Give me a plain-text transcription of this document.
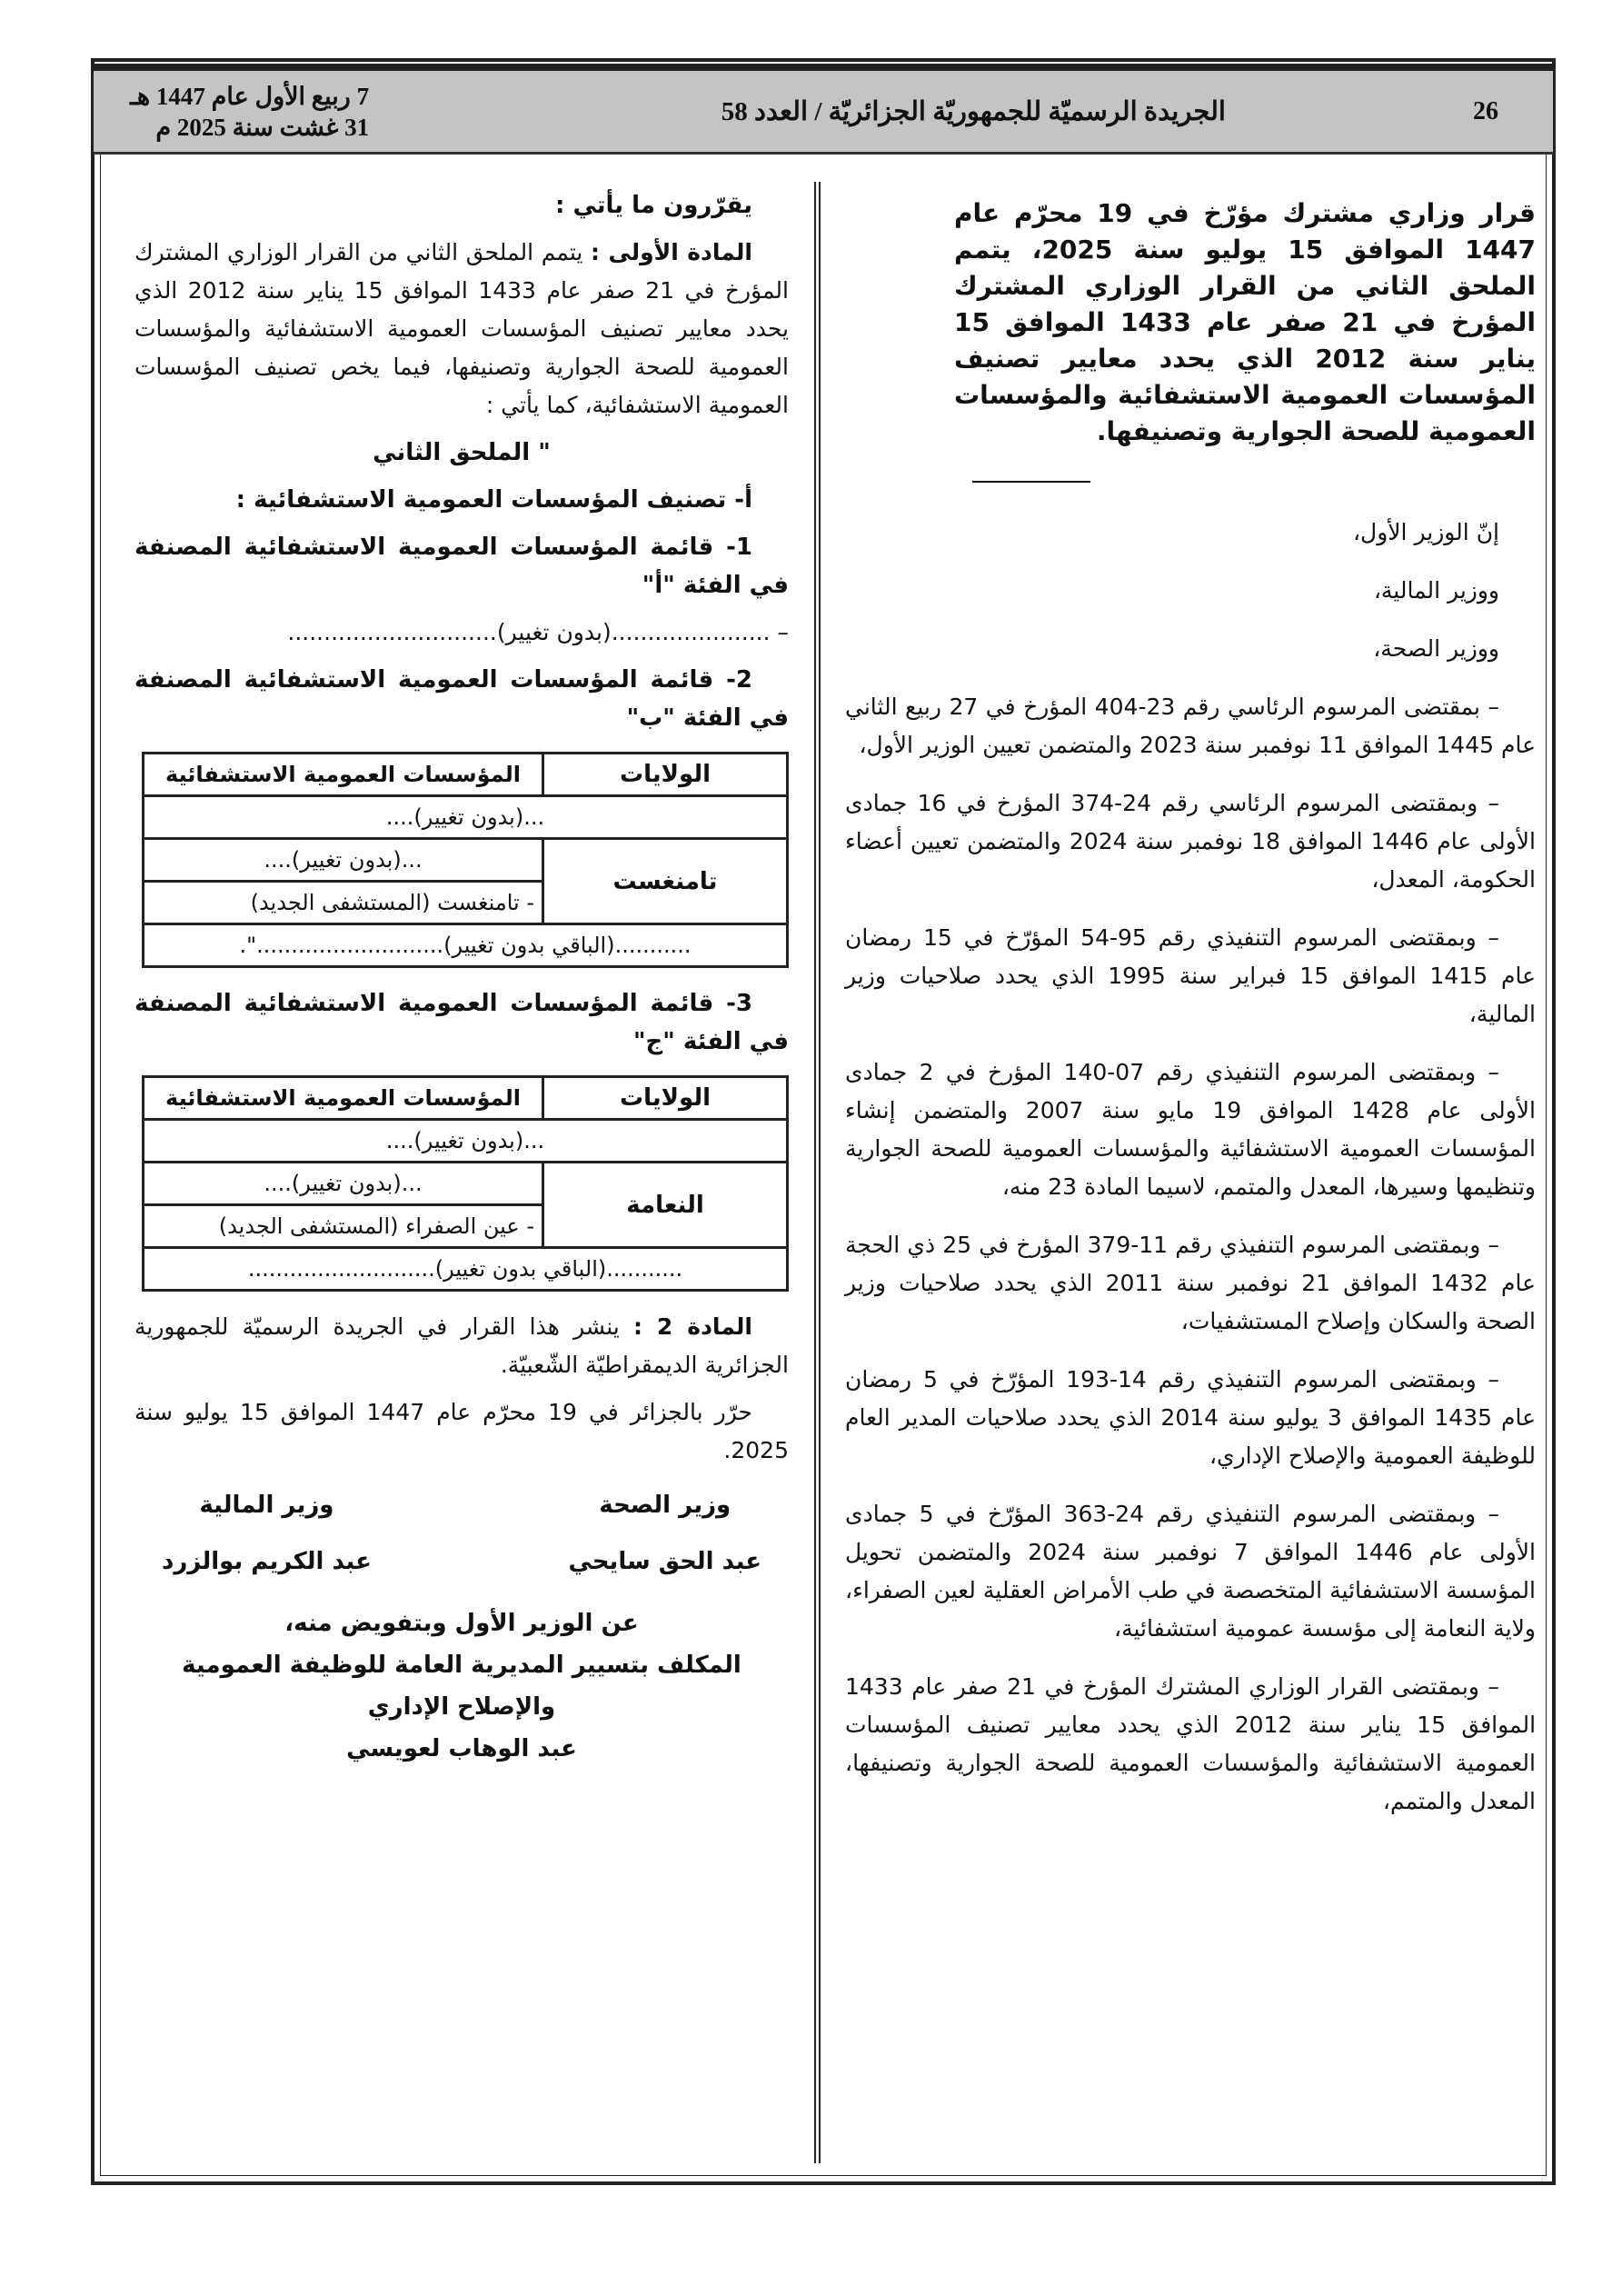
26
الجريدة الرسميّة للجمهوريّة الجزائريّة / العدد 58
7 ربيع الأول عام 1447 هـ
31 غشت سنة 2025 م
قرار وزاري مشترك مؤرّخ في 19 محرّم عام 1447 الموافق 15 يوليو سنة 2025، يتمم الملحق الثاني من القرار الوزاري المشترك المؤرخ في 21 صفر عام 1433 الموافق 15 يناير سنة 2012 الذي يحدد معايير تصنيف المؤسسات العمومية الاستشفائية والمؤسسات العمومية للصحة الجوارية وتصنيفها.

إنّ الوزير الأول،

ووزير المالية،

ووزير الصحة،

– بمقتضى المرسوم الرئاسي رقم 23-404 المؤرخ في 27 ربيع الثاني عام 1445 الموافق 11 نوفمبر سنة 2023 والمتضمن تعيين الوزير الأول،

– وبمقتضى المرسوم الرئاسي رقم 24-374 المؤرخ في 16 جمادى الأولى عام 1446 الموافق 18 نوفمبر سنة 2024 والمتضمن تعيين أعضاء الحكومة، المعدل،

– وبمقتضى المرسوم التنفيذي رقم 95-54 المؤرّخ في 15 رمضان عام 1415 الموافق 15 فبراير سنة 1995 الذي يحدد صلاحيات وزير المالية،

– وبمقتضى المرسوم التنفيذي رقم 07-140 المؤرخ في 2 جمادى الأولى عام 1428 الموافق 19 مايو سنة 2007 والمتضمن إنشاء المؤسسات العمومية الاستشفائية والمؤسسات العمومية للصحة الجوارية وتنظيمها وسيرها، المعدل والمتمم، لاسيما المادة 23 منه،

– وبمقتضى المرسوم التنفيذي رقم 11-379 المؤرخ في 25 ذي الحجة عام 1432 الموافق 21 نوفمبر سنة 2011 الذي يحدد صلاحيات وزير الصحة والسكان وإصلاح المستشفيات،

– وبمقتضى المرسوم التنفيذي رقم 14-193 المؤرّخ في 5 رمضان عام 1435 الموافق 3 يوليو سنة 2014 الذي يحدد صلاحيات المدير العام للوظيفة العمومية والإصلاح الإداري،

– وبمقتضى المرسوم التنفيذي رقم 24-363 المؤرّخ في 5 جمادى الأولى عام 1446 الموافق 7 نوفمبر سنة 2024 والمتضمن تحويل المؤسسة الاستشفائية المتخصصة في طب الأمراض العقلية لعين الصفراء، ولاية النعامة إلى مؤسسة عمومية استشفائية،

– وبمقتضى القرار الوزاري المشترك المؤرخ في 21 صفر عام 1433 الموافق 15 يناير سنة 2012 الذي يحدد معايير تصنيف المؤسسات العمومية الاستشفائية والمؤسسات العمومية للصحة الجوارية وتصنيفها، المعدل والمتمم،

يقرّرون ما يأتي :

المادة الأولى : يتمم الملحق الثاني من القرار الوزاري المشترك المؤرخ في 21 صفر عام 1433 الموافق 15 يناير سنة 2012 الذي يحدد معايير تصنيف المؤسسات العمومية الاستشفائية والمؤسسات العمومية للصحة الجوارية وتصنيفها، فيما يخص تصنيف المؤسسات العمومية الاستشفائية، كما يأتي :

" الملحق الثاني

أ- تصنيف المؤسسات العمومية الاستشفائية :

1- قائمة المؤسسات العمومية الاستشفائية المصنفة في الفئة "أ"

– ......................(بدون تغيير).............................

2- قائمة المؤسسات العمومية الاستشفائية المصنفة في الفئة "ب"

الولايات	المؤسسات العمومية الاستشفائية
...(بدون تغيير)....	
تامنغست	...(بدون تغيير)....
	- تامنغست (المستشفى الجديد)
...........(الباقي بدون تغيير)...........................".	

3- قائمة المؤسسات العمومية الاستشفائية المصنفة في الفئة "ج"

الولايات	المؤسسات العمومية الاستشفائية
...(بدون تغيير)....	
النعامة	...(بدون تغيير)....
	- عين الصفراء (المستشفى الجديد)
...........(الباقي بدون تغيير)...........................	

المادة 2 : ينشر هذا القرار في الجريدة الرسميّة للجمهورية الجزائرية الديمقراطيّة الشّعبيّة.

حرّر بالجزائر في 19 محرّم عام 1447 الموافق 15 يوليو سنة 2025.

وزير الصحة
عبد الحق سايحي
وزير المالية
عبد الكريم بوالزرد
عن الوزير الأول وبتفويض منه،
المكلف بتسيير المديرية العامة للوظيفة العمومية والإصلاح الإداري
عبد الوهاب لعويسي
